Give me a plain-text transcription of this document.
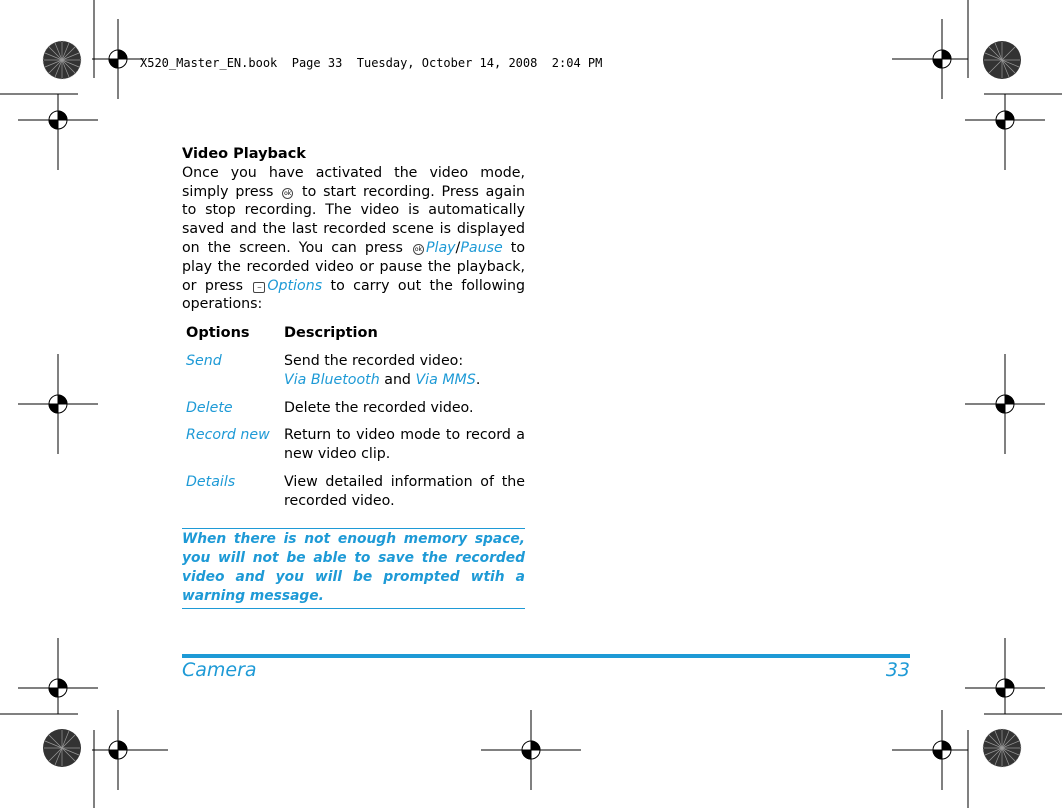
X520_Master_EN.book  Page 33  Tuesday, October 14, 2008  2:04 PM
Video Playback
Once you have activated the video mode, simply press ok to start recording. Press again to stop recording. The video is automatically saved and the last recorded scene is displayed on the screen. You can press ok Play/Pause to play the recorded video or pause the playback, or press − Options to carry out the following operations:
Options	Description
Send	Send the recorded video:
Via Bluetooth and Via MMS.

Delete	Delete the recorded video.
Record new	Return to video mode to record a new video clip.
Details	View detailed information of the recorded video.
When there is not enough memory space, you will not be able to save the recorded video and you will be prompted wtih a warning message.
Camera	33
